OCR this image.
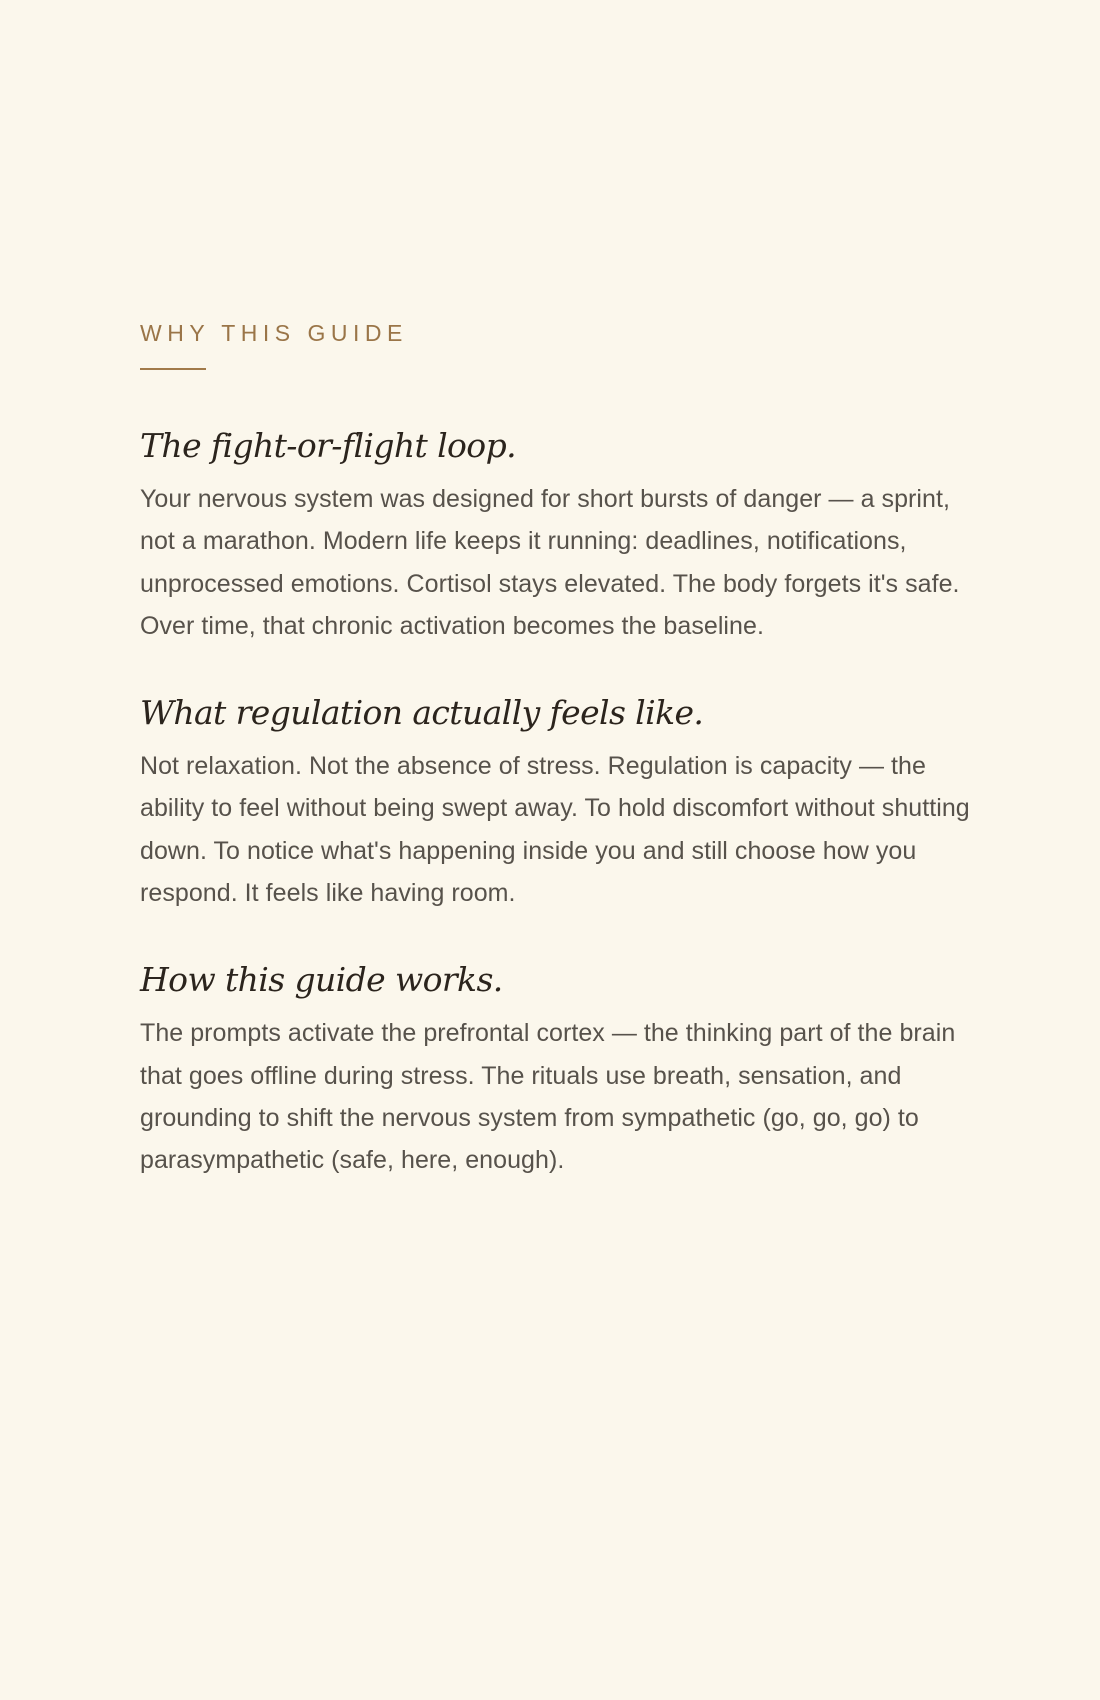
WHY THIS GUIDE

The fight-or-flight loop.

Your nervous system was designed for short bursts of danger — a sprint, not a marathon. Modern life keeps it running: deadlines, notifications, unprocessed emotions. Cortisol stays elevated. The body forgets it's safe. Over time, that chronic activation becomes the baseline.

What regulation actually feels like.

Not relaxation. Not the absence of stress. Regulation is capacity — the ability to feel without being swept away. To hold discomfort without shutting down. To notice what's happening inside you and still choose how you respond. It feels like having room.

How this guide works.

The prompts activate the prefrontal cortex — the thinking part of the brain that goes offline during stress. The rituals use breath, sensation, and grounding to shift the nervous system from sympathetic (go, go, go) to parasympathetic (safe, here, enough).
